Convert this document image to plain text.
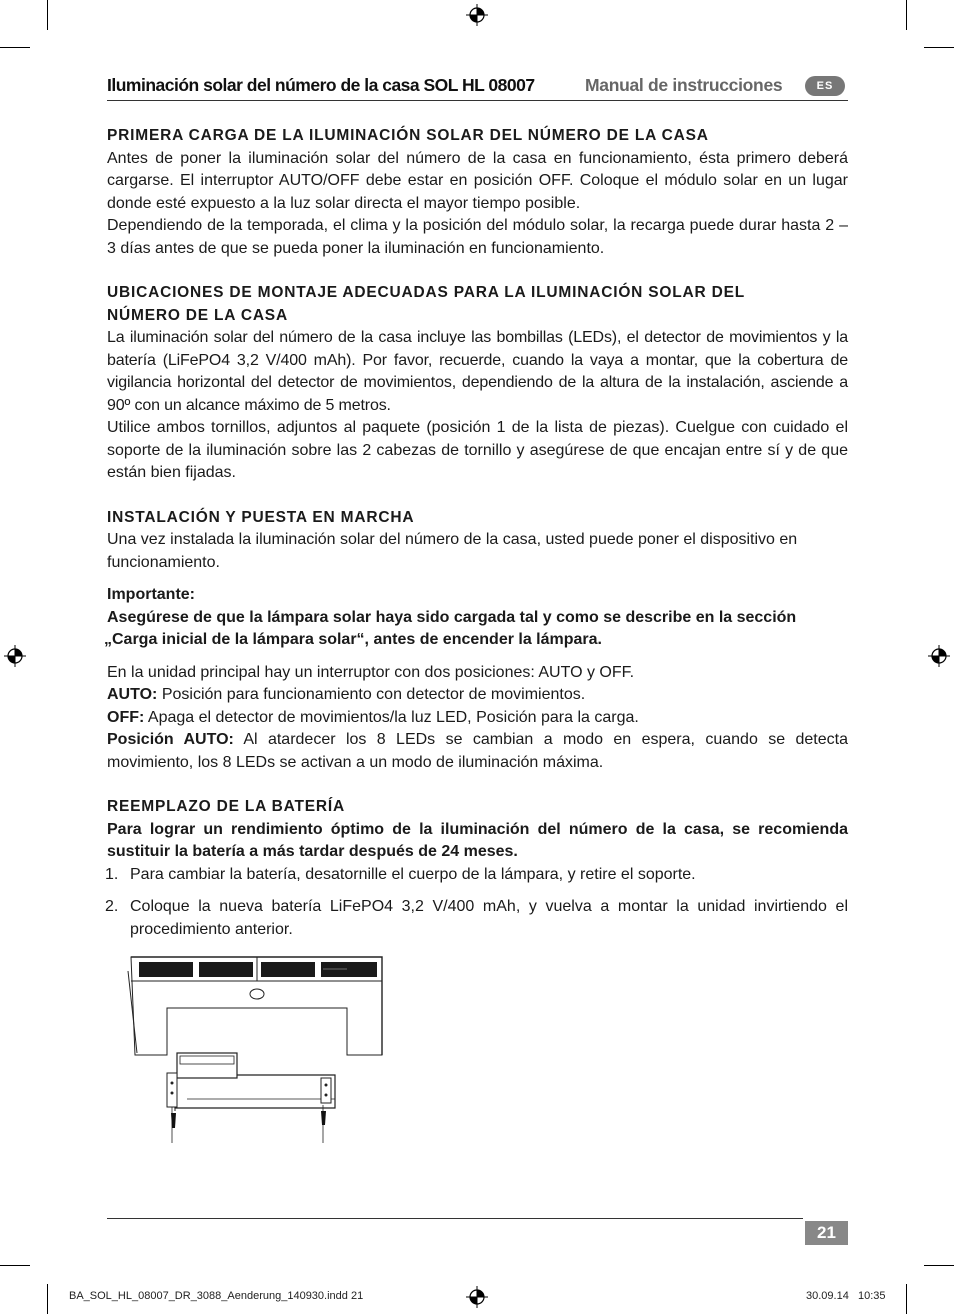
Iluminación solar del número de la casa SOL HL 08007	Manual de instrucciones	ES
PRIMERA CARGA DE LA ILUMINACIÓN SOLAR DEL NÚMERO DE LA CASA

Antes de poner la iluminación solar del número de la casa en funcionamiento, ésta primero deberá cargarse. El interruptor AUTO/OFF debe estar en posición OFF. Coloque el módulo solar en un lugar donde esté expuesto a la luz solar directa el mayor tiempo posible.

Dependiendo de la temporada, el clima y la posición del módulo solar, la recarga puede durar hasta 2 – 3 días antes de que se pueda poner la iluminación en funcionamiento.

UBICACIONES DE MONTAJE ADECUADAS PARA LA ILUMINACIÓN SOLAR DEL
NÚMERO DE LA CASA

La iluminación solar del número de la casa incluye las bombillas (LEDs), el detector de movimientos y la batería (LiFePO4 3,2 V/400 mAh). Por favor, recuerde, cuando la vaya a montar, que la cobertura de vigilancia horizontal del detector de movimientos, dependiendo de la altura de la instalación, asciende a 90º con un alcance máximo de 5 metros.

Utilice ambos tornillos, adjuntos al paquete (posición 1 de la lista de piezas). Cuelgue con cuidado el soporte de la iluminación sobre las 2 cabezas de tornillo y asegúrese de que encajan entre sí y de que están bien fijadas.

INSTALACIÓN Y PUESTA EN MARCHA

Una vez instalada la iluminación solar del número de la casa, usted puede poner el dispositivo en funcionamiento.

Importante:

Asegúrese de que la lámpara solar haya sido cargada tal y como se describe en la sección
„Carga inicial de la lámpara solar“, antes de encender la lámpara.

En la unidad principal hay un interruptor con dos posiciones: AUTO y OFF.

AUTO: Posición para funcionamiento con detector de movimientos.

OFF: Apaga el detector de movimientos/la luz LED, Posición para la carga.

Posición AUTO: Al atardecer los 8 LEDs se cambian a modo en espera, cuando se detecta movimiento, los 8 LEDs se activan a un modo de iluminación máxima.

REEMPLAZO DE LA BATERÍA

Para lograr un rendimiento óptimo de la iluminación del número de la casa, se recomienda sustituir la batería a más tardar después de 24 meses.

1. Para cambiar la batería, desatornille el cuerpo de la lámpara, y retire el soporte.
2. Coloque la nueva batería LiFePO4 3,2 V/400 mAh, y vuelva a montar la unidad invirtiendo el procedimiento anterior.
21
BA_SOL_HL_08007_DR_3088_Aenderung_140930.indd 21	30.09.14   10:35
